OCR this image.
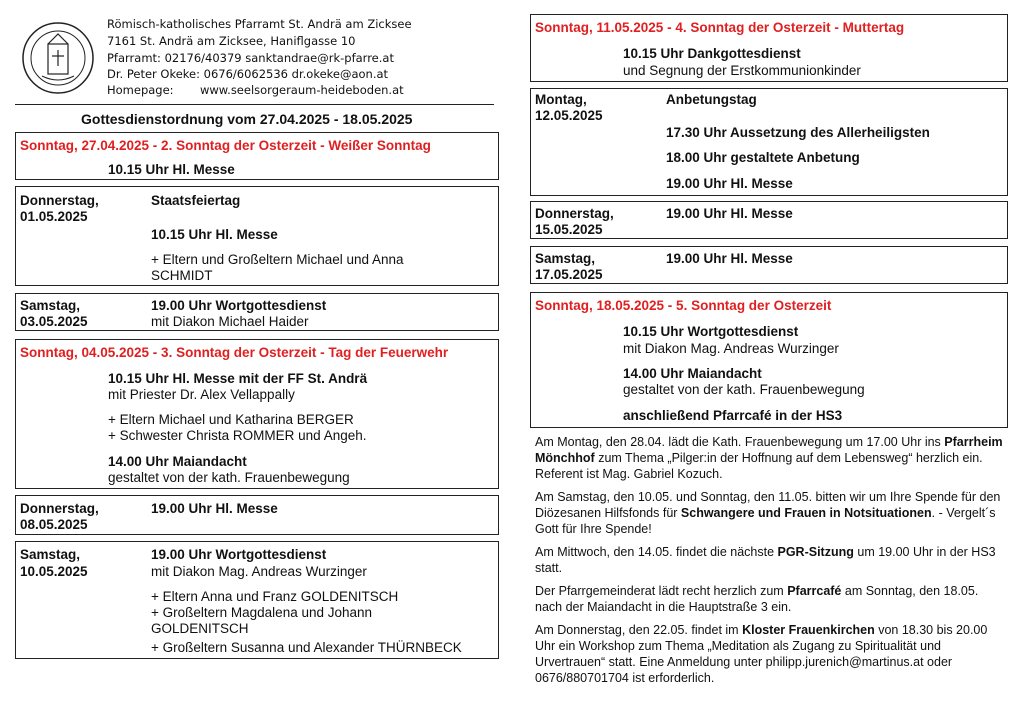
Römisch-katholisches Pfarramt St. Andrä am Zicksee
7161 St. Andrä am Zicksee, Haniflgasse 10
Pfarramt: 02176/40379 sanktandrae@rk-pfarre.at
Dr. Peter Okeke: 0676/6062536 dr.okeke@aon.at
Homepage: www.seelsorgeraum-heideboden.at
Gottesdienstordnung vom 27.04.2025 - 18.05.2025
Sonntag, 27.04.2025 - 2. Sonntag der Osterzeit - Weißer Sonntag
10.15 Uhr Hl. Messe
Donnerstag,
01.05.2025
Staatsfeiertag
10.15 Uhr Hl. Messe
+ Eltern und Großeltern Michael und Anna
SCHMIDT
Samstag,
03.05.2025
19.00 Uhr Wortgottesdienst
mit Diakon Michael Haider
Sonntag, 04.05.2025 - 3. Sonntag der Osterzeit - Tag der Feuerwehr
10.15 Uhr Hl. Messe mit der FF St. Andrä
mit Priester Dr. Alex Vellappally
+ Eltern Michael und Katharina BERGER
+ Schwester Christa ROMMER und Angeh.
14.00 Uhr Maiandacht
gestaltet von der kath. Frauenbewegung
Donnerstag,
08.05.2025
19.00 Uhr Hl. Messe
Samstag,
10.05.2025
19.00 Uhr Wortgottesdienst
mit Diakon Mag. Andreas Wurzinger
+ Eltern Anna und Franz GOLDENITSCH
+ Großeltern Magdalena und Johann
GOLDENITSCH
+ Großeltern Susanna und Alexander THÜRNBECK
Sonntag, 11.05.2025 - 4. Sonntag der Osterzeit - Muttertag
10.15 Uhr Dankgottesdienst
und Segnung der Erstkommunionkinder
Montag,
12.05.2025
Anbetungstag
17.30 Uhr Aussetzung des Allerheiligsten
18.00 Uhr gestaltete Anbetung
19.00 Uhr Hl. Messe
Donnerstag,
15.05.2025
19.00 Uhr Hl. Messe
Samstag,
17.05.2025
19.00 Uhr Hl. Messe
Sonntag, 18.05.2025 - 5. Sonntag der Osterzeit
10.15 Uhr Wortgottesdienst
mit Diakon Mag. Andreas Wurzinger
14.00 Uhr Maiandacht
gestaltet von der kath. Frauenbewegung
anschließend Pfarrcafé in der HS3
Am Montag, den 28.04. lädt die Kath. Frauenbewegung um 17.00 Uhr ins Pfarrheim Mönchhof zum Thema „Pilger:in der Hoffnung auf dem Lebensweg“ herzlich ein. Referent ist Mag. Gabriel Kozuch.
Am Samstag, den 10.05. und Sonntag, den 11.05. bitten wir um Ihre Spende für den Diözesanen Hilfsfonds für Schwangere und Frauen in Notsituationen. - Vergelt´s Gott für Ihre Spende!
Am Mittwoch, den 14.05. findet die nächste PGR-Sitzung um 19.00 Uhr in der HS3 statt.
Der Pfarrgemeinderat lädt recht herzlich zum Pfarrcafé am Sonntag, den 18.05. nach der Maiandacht in die Hauptstraße 3 ein.
Am Donnerstag, den 22.05. findet im Kloster Frauenkirchen von 18.30 bis 20.00 Uhr ein Workshop zum Thema „Meditation als Zugang zu Spiritualität und Urvertrauen“ statt. Eine Anmeldung unter philipp.jurenich@martinus.at oder 0676/880701704 ist erforderlich.
